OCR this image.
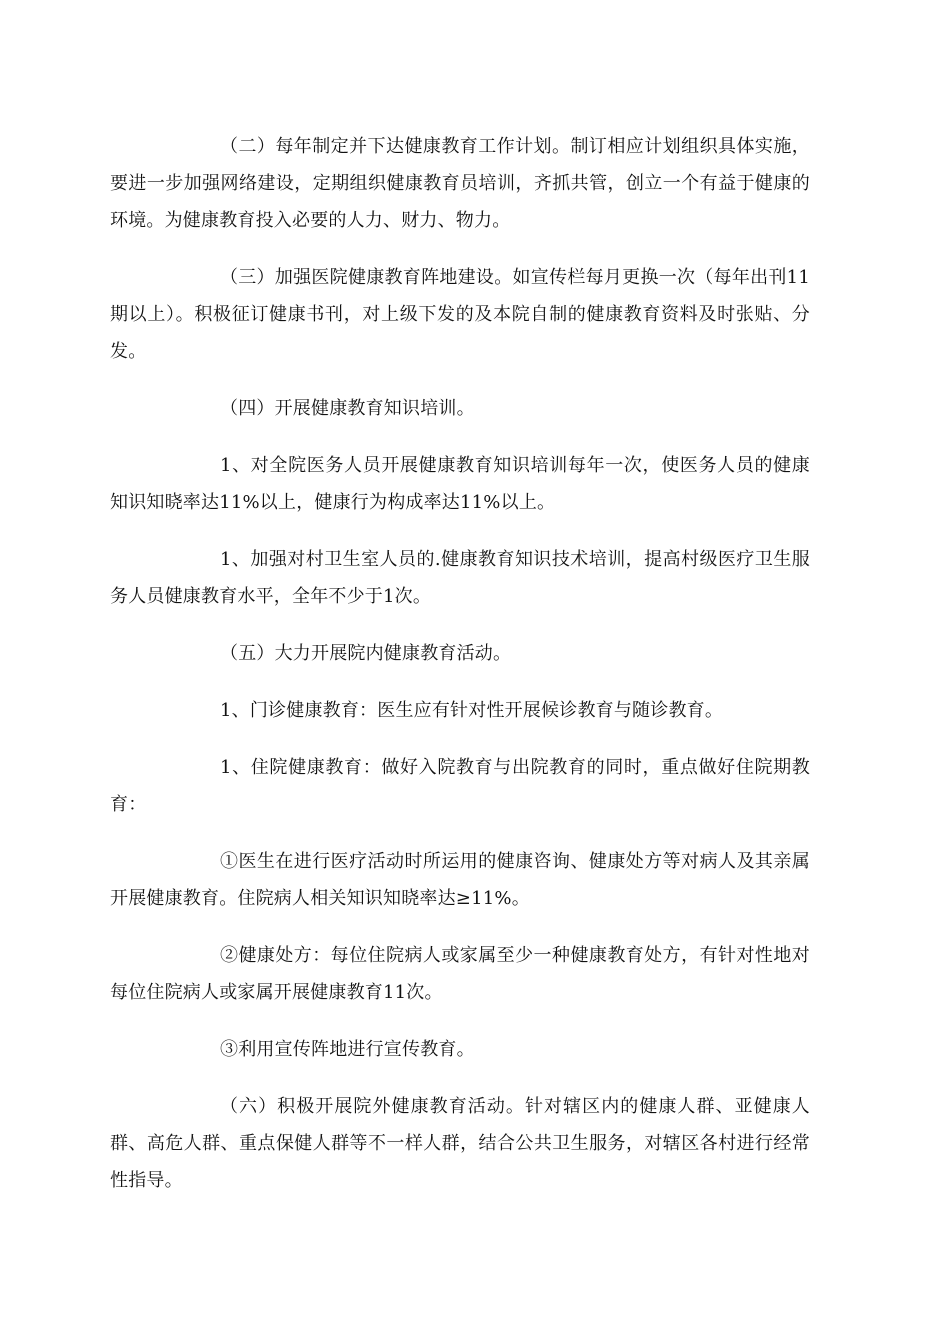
（二）每年制定并下达健康教育工作计划。制订相应计划组织具体实施，要进一步加强网络建设，定期组织健康教育员培训，齐抓共管，创立一个有益于健康的环境。为健康教育投入必要的人力、财力、物力。

（三）加强医院健康教育阵地建设。如宣传栏每月更换一次（每年出刊11期以上）。积极征订健康书刊，对上级下发的及本院自制的健康教育资料及时张贴、分发。

（四）开展健康教育知识培训。

1、对全院医务人员开展健康教育知识培训每年一次，使医务人员的健康知识知晓率达11%以上，健康行为构成率达11%以上。

1、加强对村卫生室人员的.健康教育知识技术培训，提高村级医疗卫生服务人员健康教育水平，全年不少于1次。

（五）大力开展院内健康教育活动。

1、门诊健康教育：医生应有针对性开展候诊教育与随诊教育。

1、住院健康教育：做好入院教育与出院教育的同时，重点做好住院期教育：

①医生在进行医疗活动时所运用的健康咨询、健康处方等对病人及其亲属开展健康教育。住院病人相关知识知晓率达≥11%。

②健康处方：每位住院病人或家属至少一种健康教育处方，有针对性地对每位住院病人或家属开展健康教育11次。

③利用宣传阵地进行宣传教育。

（六）积极开展院外健康教育活动。针对辖区内的健康人群、亚健康人群、高危人群、重点保健人群等不一样人群，结合公共卫生服务，对辖区各村进行经常性指导。
